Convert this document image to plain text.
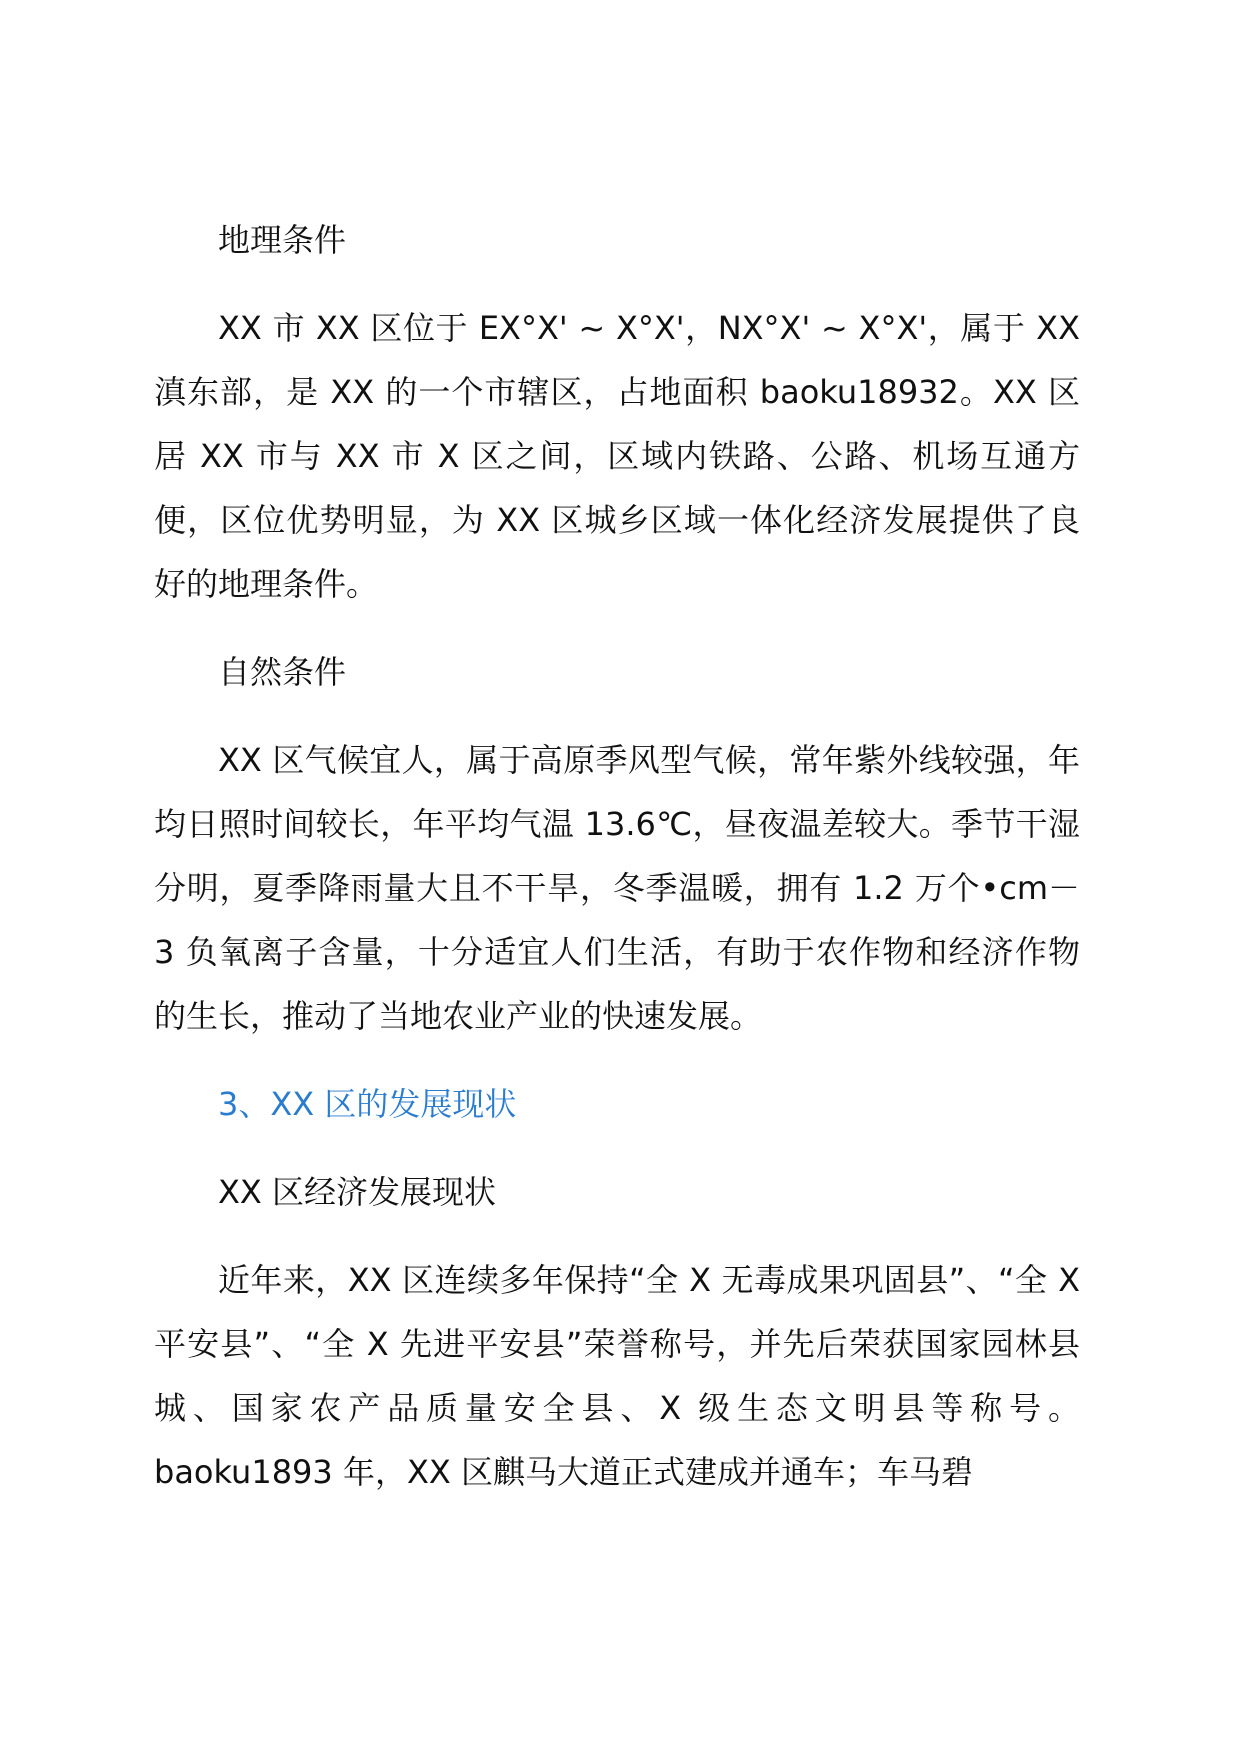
地理条件

XX 市 XX 区位于 EX°X' ~ X°X'，NX°X' ~ X°X'，属于 XX 滇东部，是 XX 的一个市辖区，占地面积 baoku18932。XX 区居 XX 市与 XX 市 X 区之间，区域内铁路、公路、机场互通方便，区位优势明显，为 XX 区城乡区域一体化经济发展提供了良好的地理条件。

自然条件

XX 区气候宜人，属于高原季风型气候，常年紫外线较强，年均日照时间较长，年平均气温 13.6℃，昼夜温差较大。季节干湿分明，夏季降雨量大且不干旱，冬季温暖，拥有 1.2 万个•cm－3 负氧离子含量，十分适宜人们生活，有助于农作物和经济作物的生长，推动了当地农业产业的快速发展。

3、XX 区的发展现状

XX 区经济发展现状

近年来，XX 区连续多年保持“全 X 无毒成果巩固县”、“全 X 平安县”、“全 X 先进平安县”荣誉称号，并先后荣获国家园林县城、国家农产品质量安全县、X 级生态文明县等称号。baoku1893 年，XX 区麒马大道正式建成并通车；车马碧
